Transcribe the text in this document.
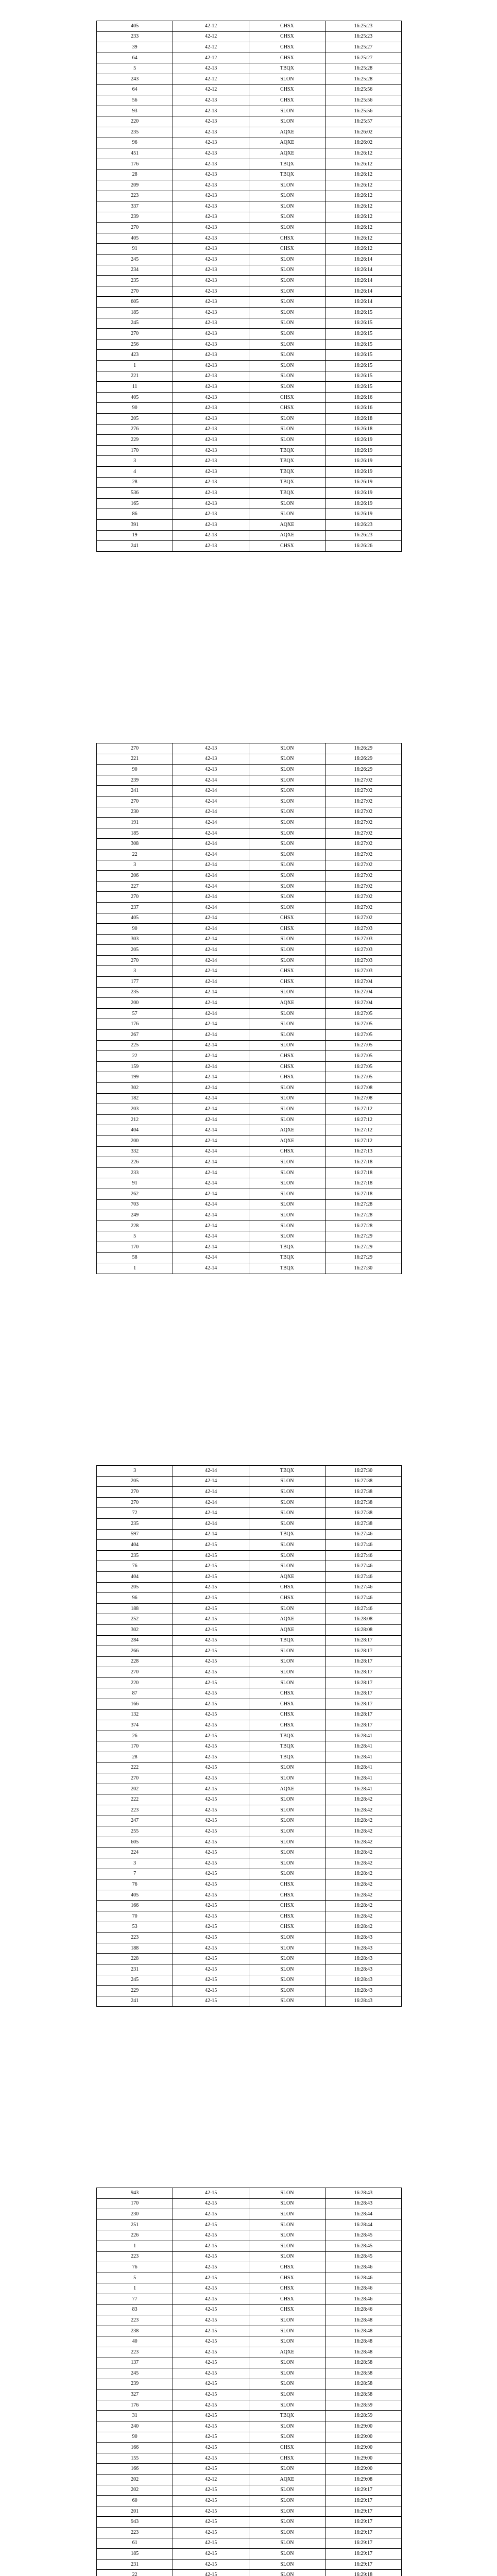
405	42-12	CHSX	16:25:23
233	42-12	CHSX	16:25:23
39	42-12	CHSX	16:25:27
64	42-12	CHSX	16:25:27
5	42-13	TBQX	16:25:28
243	42-12	SLON	16:25:28
64	42-12	CHSX	16:25:56
56	42-13	CHSX	16:25:56
93	42-13	SLON	16:25:56
220	42-13	SLON	16:25:57
235	42-13	AQXE	16:26:02
96	42-13	AQXE	16:26:02
451	42-13	AQXE	16:26:12
176	42-13	TBQX	16:26:12
28	42-13	TBQX	16:26:12
209	42-13	SLON	16:26:12
223	42-13	SLON	16:26:12
337	42-13	SLON	16:26:12
239	42-13	SLON	16:26:12
270	42-13	SLON	16:26:12
405	42-13	CHSX	16:26:12
91	42-13	CHSX	16:26:12
245	42-13	SLON	16:26:14
234	42-13	SLON	16:26:14
235	42-13	SLON	16:26:14
270	42-13	SLON	16:26:14
605	42-13	SLON	16:26:14
185	42-13	SLON	16:26:15
245	42-13	SLON	16:26:15
270	42-13	SLON	16:26:15
256	42-13	SLON	16:26:15
423	42-13	SLON	16:26:15
1	42-13	SLON	16:26:15
221	42-13	SLON	16:26:15
11	42-13	SLON	16:26:15
405	42-13	CHSX	16:26:16
90	42-13	CHSX	16:26:16
205	42-13	SLON	16:26:18
276	42-13	SLON	16:26:18
229	42-13	SLON	16:26:19
170	42-13	TBQX	16:26:19
3	42-13	TBQX	16:26:19
4	42-13	TBQX	16:26:19
28	42-13	TBQX	16:26:19
536	42-13	TBQX	16:26:19
165	42-13	SLON	16:26:19
86	42-13	SLON	16:26:19
391	42-13	AQXE	16:26:23
19	42-13	AQXE	16:26:23
241	42-13	CHSX	16:26:26
270	42-13	SLON	16:26:29
221	42-13	SLON	16:26:29
90	42-13	SLON	16:26:29
239	42-14	SLON	16:27:02
241	42-14	SLON	16:27:02
270	42-14	SLON	16:27:02
230	42-14	SLON	16:27:02
191	42-14	SLON	16:27:02
185	42-14	SLON	16:27:02
308	42-14	SLON	16:27:02
22	42-14	SLON	16:27:02
3	42-14	SLON	16:27:02
206	42-14	SLON	16:27:02
227	42-14	SLON	16:27:02
270	42-14	SLON	16:27:02
237	42-14	SLON	16:27:02
405	42-14	CHSX	16:27:02
90	42-14	CHSX	16:27:03
303	42-14	SLON	16:27:03
205	42-14	SLON	16:27:03
270	42-14	SLON	16:27:03
3	42-14	CHSX	16:27:03
177	42-14	CHSX	16:27:04
235	42-14	SLON	16:27:04
200	42-14	AQXE	16:27:04
57	42-14	SLON	16:27:05
176	42-14	SLON	16:27:05
267	42-14	SLON	16:27:05
225	42-14	SLON	16:27:05
22	42-14	CHSX	16:27:05
159	42-14	CHSX	16:27:05
199	42-14	CHSX	16:27:05
302	42-14	SLON	16:27:08
182	42-14	SLON	16:27:08
203	42-14	SLON	16:27:12
212	42-14	SLON	16:27:12
404	42-14	AQXE	16:27:12
200	42-14	AQXE	16:27:12
332	42-14	CHSX	16:27:13
226	42-14	SLON	16:27:18
233	42-14	SLON	16:27:18
91	42-14	SLON	16:27:18
262	42-14	SLON	16:27:18
703	42-14	SLON	16:27:28
249	42-14	SLON	16:27:28
228	42-14	SLON	16:27:28
5	42-14	SLON	16:27:29
170	42-14	TBQX	16:27:29
58	42-14	TBQX	16:27:29
1	42-14	TBQX	16:27:30
3	42-14	TBQX	16:27:30
205	42-14	SLON	16:27:38
270	42-14	SLON	16:27:38
270	42-14	SLON	16:27:38
72	42-14	SLON	16:27:38
235	42-14	SLON	16:27:38
597	42-14	TBQX	16:27:46
404	42-15	SLON	16:27:46
235	42-15	SLON	16:27:46
76	42-15	SLON	16:27:46
404	42-15	AQXE	16:27:46
205	42-15	CHSX	16:27:46
96	42-15	CHSX	16:27:46
188	42-15	SLON	16:27:46
252	42-15	AQXE	16:28:08
302	42-15	AQXE	16:28:08
284	42-15	TBQX	16:28:17
266	42-15	SLON	16:28:17
228	42-15	SLON	16:28:17
270	42-15	SLON	16:28:17
220	42-15	SLON	16:28:17
87	42-15	CHSX	16:28:17
166	42-15	CHSX	16:28:17
132	42-15	CHSX	16:28:17
374	42-15	CHSX	16:28:17
26	42-15	TBQX	16:28:41
170	42-15	TBQX	16:28:41
28	42-15	TBQX	16:28:41
222	42-15	SLON	16:28:41
270	42-15	SLON	16:28:41
202	42-15	AQXE	16:28:41
222	42-15	SLON	16:28:42
223	42-15	SLON	16:28:42
247	42-15	SLON	16:28:42
255	42-15	SLON	16:28:42
605	42-15	SLON	16:28:42
224	42-15	SLON	16:28:42
3	42-15	SLON	16:28:42
7	42-15	SLON	16:28:42
76	42-15	CHSX	16:28:42
405	42-15	CHSX	16:28:42
166	42-15	CHSX	16:28:42
70	42-15	CHSX	16:28:42
53	42-15	CHSX	16:28:42
223	42-15	SLON	16:28:43
188	42-15	SLON	16:28:43
228	42-15	SLON	16:28:43
231	42-15	SLON	16:28:43
245	42-15	SLON	16:28:43
229	42-15	SLON	16:28:43
241	42-15	SLON	16:28:43
943	42-15	SLON	16:28:43
170	42-15	SLON	16:28:43
230	42-15	SLON	16:28:44
251	42-15	SLON	16:28:44
226	42-15	SLON	16:28:45
1	42-15	SLON	16:28:45
223	42-15	SLON	16:28:45
76	42-15	CHSX	16:28:46
5	42-15	CHSX	16:28:46
1	42-15	CHSX	16:28:46
77	42-15	CHSX	16:28:46
83	42-15	CHSX	16:28:46
223	42-15	SLON	16:28:48
238	42-15	SLON	16:28:48
40	42-15	SLON	16:28:48
223	42-15	AQXE	16:28:48
137	42-15	SLON	16:28:58
245	42-15	SLON	16:28:58
239	42-15	SLON	16:28:58
327	42-15	SLON	16:28:58
176	42-15	SLON	16:28:59
31	42-15	TBQX	16:28:59
240	42-15	SLON	16:29:00
90	42-15	SLON	16:29:00
166	42-15	CHSX	16:29:00
155	42-15	CHSX	16:29:00
166	42-15	SLON	16:29:00
202	42-12	AQXE	16:29:08
202	42-15	SLON	16:29:17
60	42-15	SLON	16:29:17
201	42-15	SLON	16:29:17
943	42-15	SLON	16:29:17
223	42-15	SLON	16:29:17
61	42-15	SLON	16:29:17
185	42-15	SLON	16:29:17
231	42-15	SLON	16:29:17
22	42-15	SLON	16:29:18
